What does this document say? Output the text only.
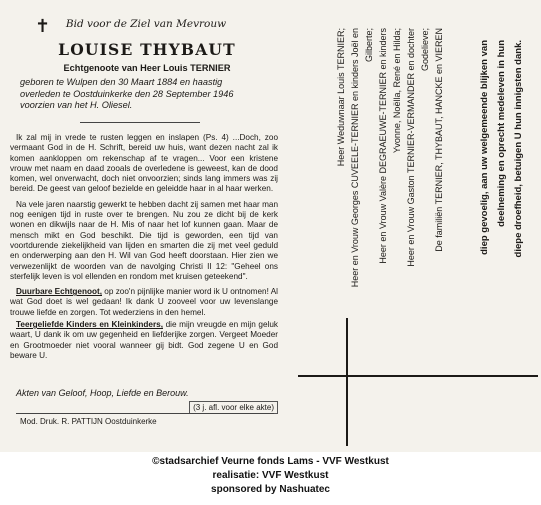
✝	Bid voor de Ziel van Mevrouw
LOUISE THYBAUT
Echtgenoote van Heer Louis TERNIER
geboren te Wulpen den 30 Maart 1884 en haastig
overleden te Oostduinkerke den 28 September 1946
voorzien van het H. Oliesel.

Ik zal mij in vrede te rusten leggen en inslapen (Ps. 4) ...Doch, zoo vermaant God in de H. Schrift, bereid uw huis, want dezen nacht zal ik komen aankloppen om rekenschap af te vragen... Voor een kristene vrouw met naam en daad zooals de overledene is geweest, kan de dood komen, wel onverwacht, doch niet onvoorzien; sinds lang immers was zij bereid. De geest van geloof bezielde en geleidde haar in al haar werken.

Na vele jaren naarstig gewerkt te hebben dacht zij samen met haar man nog eenigen tijd in ruste over te brengen. Nu zou ze dicht bij de kerk wonen en dikwijls naar de H. Mis of naar het lof kunnen gaan. Maar de mensch mikt en God beschikt. Die tijd is geworden, een tijd van voortdurende ziekelijkheid van lijden en smarten die zij met veel geduld en onderwerping aan den H. Wil van God heeft doorstaan. Hier zien we verwezenlijkt de woorden van de navolging Christi II 12: "Geheel ons sterfelijk leven is vol ellenden en rondom met kruisen geteekend".

Duurbare Echtgenoot, op zoo'n pijnlijke manier word ik U ontnomen! Al wat God doet is wel gedaan! Ik dank U zooveel voor uw levenslange trouwe liefde en zorgen. Tot wederziens in den hemel.

Teergeliefde Kinders en Kleinkinders, die mijn vreugde en mijn geluk waart, U dank ik om uw gegenheid en liefderijke zorgen. Vergeet Moeder en Grootmoeder niet vooral wanneer gij bidt. God zegene U en God beware U.

Akten van Geloof, Hoop, Liefde en Berouw.
(3 j. afl. voor elke akte)
Mod. Druk. R. PATTIJN Oostduinkerke
Heer Weduwnaar Louis TERNIER; Heer en Vrouw Georges CUVEELE-TERNIER en kinders Joël en Gilberte; Heer en Vrouw Valère DEGRAEUWE-TERNIER en kinders Yvonne, Noëlla, René en Hilda; Heer en Vrouw Gaston TERNIER-VERMANDER en dochter Godelieve; De familiën TERNIER, THYBAUT, HANCKE en VIEREN	diep gevoelig, aan uw welgemeende blijken van deelneming en oprecht medeleven in hun diepe droefheid, betuigen U hun innigsten dank.
©stadsarchief Veurne fonds Lams - VVF Westkust
realisatie: VVF Westkust
sponsored by Nashuatec
